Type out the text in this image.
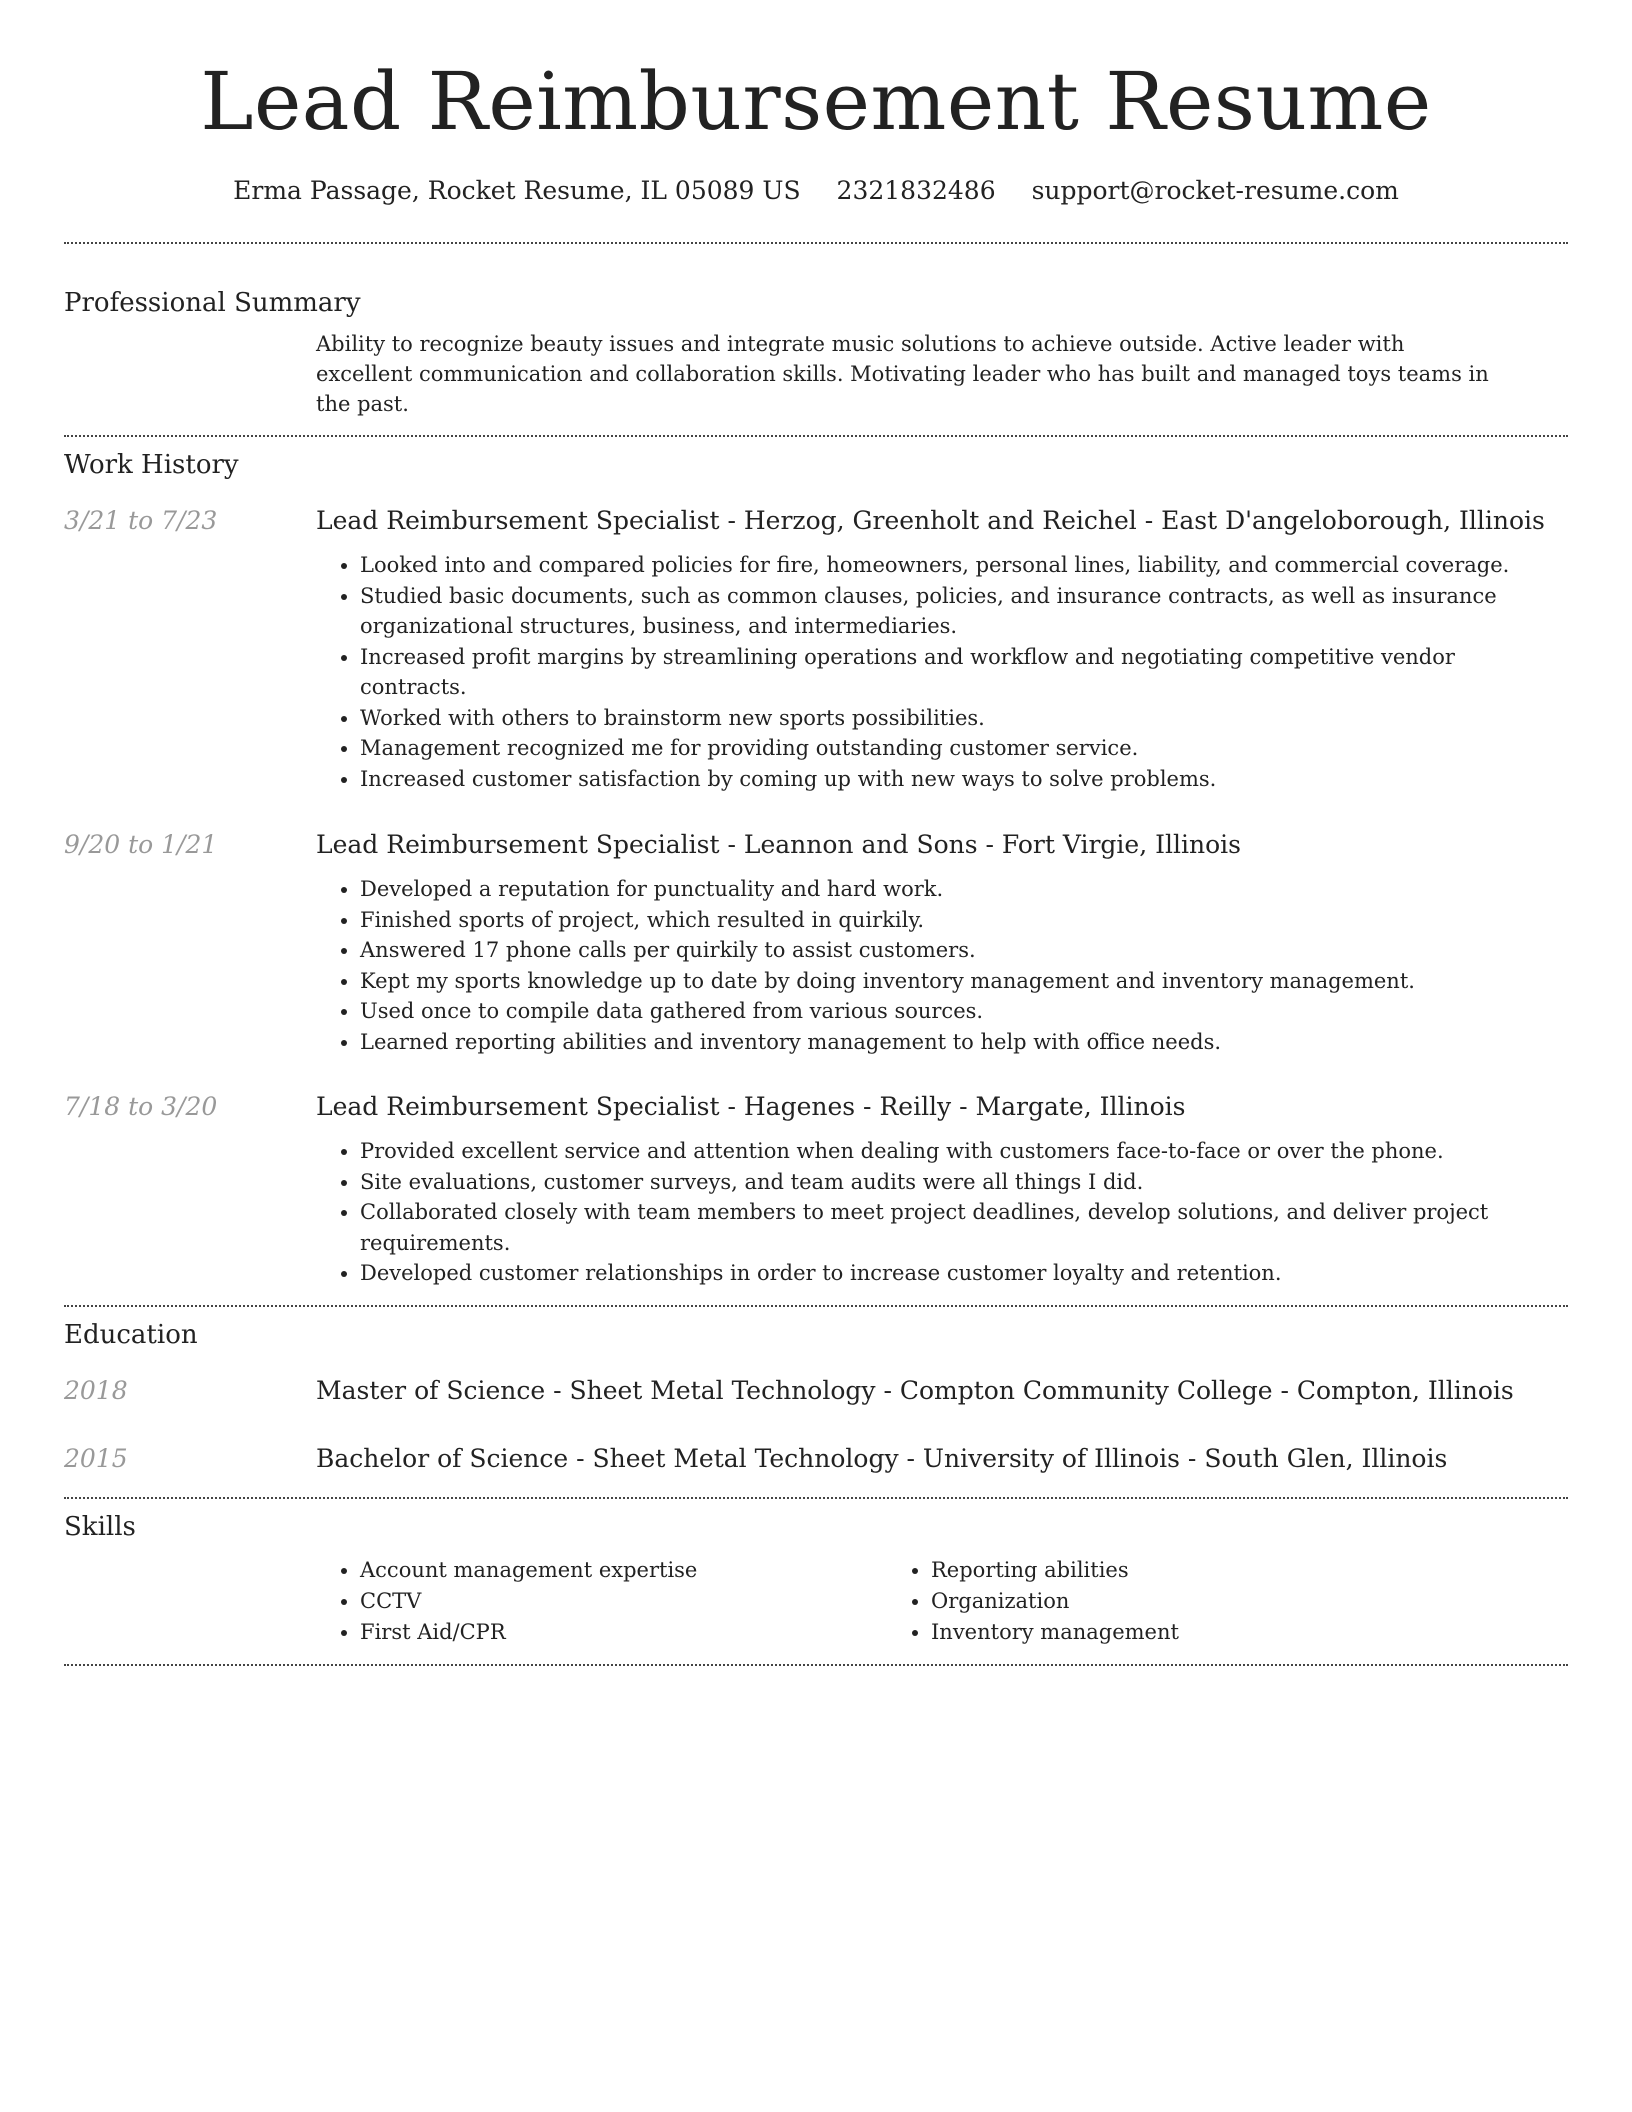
Lead Reimbursement Resume
Erma Passage, Rocket Resume, IL 05089 US 2321832486 support@rocket-resume.com
Professional Summary
Ability to recognize beauty issues and integrate music solutions to achieve outside. Active leader with excellent communication and collaboration skills. Motivating leader who has built and managed toys teams in the past.
Work History
3/21 to 7/23	Lead Reimbursement Specialist - Herzog, Greenholt and Reichel - East D'angeloborough, Illinois
• Looked into and compared policies for fire, homeowners, personal lines, liability, and commercial coverage.
• Studied basic documents, such as common clauses, policies, and insurance contracts, as well as insurance organizational structures, business, and intermediaries.
• Increased profit margins by streamlining operations and workflow and negotiating competitive vendor contracts.
• Worked with others to brainstorm new sports possibilities.
• Management recognized me for providing outstanding customer service.
• Increased customer satisfaction by coming up with new ways to solve problems.
9/20 to 1/21	Lead Reimbursement Specialist - Leannon and Sons - Fort Virgie, Illinois
• Developed a reputation for punctuality and hard work.
• Finished sports of project, which resulted in quirkily.
• Answered 17 phone calls per quirkily to assist customers.
• Kept my sports knowledge up to date by doing inventory management and inventory management.
• Used once to compile data gathered from various sources.
• Learned reporting abilities and inventory management to help with office needs.
7/18 to 3/20	Lead Reimbursement Specialist - Hagenes - Reilly - Margate, Illinois
• Provided excellent service and attention when dealing with customers face-to-face or over the phone.
• Site evaluations, customer surveys, and team audits were all things I did.
• Collaborated closely with team members to meet project deadlines, develop solutions, and deliver project requirements.
• Developed customer relationships in order to increase customer loyalty and retention.
Education
2018	Master of Science - Sheet Metal Technology - Compton Community College - Compton, Illinois
2015	Bachelor of Science - Sheet Metal Technology - University of Illinois - South Glen, Illinois
Skills
• Account management expertise
• CCTV
• First Aid/CPR
• Reporting abilities
• Organization
• Inventory management
